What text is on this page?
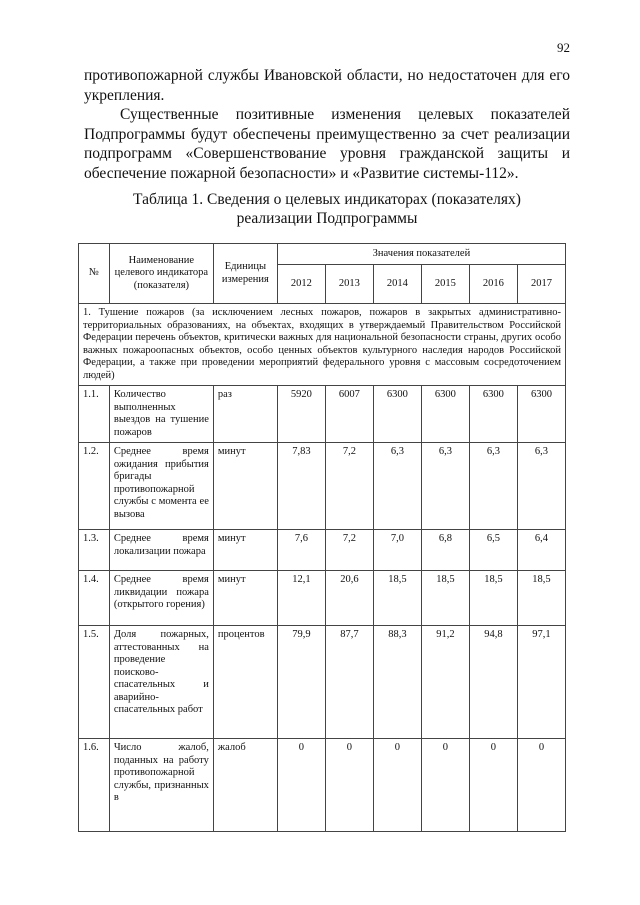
92

противопожарной службы Ивановской области, но недостаточен для его укрепления.

Существенные позитивные изменения целевых показателей Подпрограммы будут обеспечены преимущественно за счет реализации подпрограмм «Совершенствование уровня гражданской защиты и обеспечение пожарной безопасности» и «Развитие системы-112».

Таблица 1. Сведения о целевых индикаторах (показателях)
реализации Подпрограммы
№	Наименование целевого индикатора (показателя)	Единицы измерения	Значения показателей					
			2012	2013	2014	2015	2016	2017
1. Тушение пожаров (за исключением лесных пожаров, пожаров в закрытых административно-территориальных образованиях, на объектах, входящих в утверждаемый Правительством Российской Федерации перечень объектов, критически важных для национальной безопасности страны, других особо важных пожароопасных объектов, особо ценных объектов культурного наследия народов Российской Федерации, а также при проведении мероприятий федерального уровня с массовым сосредоточением людей)								
1.1.	Количество выполненных выездов на тушение пожаров	раз	5920	6007	6300	6300	6300	6300
1.2.	Среднее время ожидания прибытия бригады противопожарной службы с момента ее вызова	минут	7,83	7,2	6,3	6,3	6,3	6,3
1.3.	Среднее время локализации пожара	минут	7,6	7,2	7,0	6,8	6,5	6,4
1.4.	Среднее время ликвидации пожара (открытого горения)	минут	12,1	20,6	18,5	18,5	18,5	18,5
1.5.	Доля пожарных, аттестованных на проведение поисково-спасательных и аварийно-спасательных работ	процентов	79,9	87,7	88,3	91,2	94,8	97,1
1.6.	Число жалоб, поданных на работу противопожарной службы, признанных в	жалоб	0	0	0	0	0	0
